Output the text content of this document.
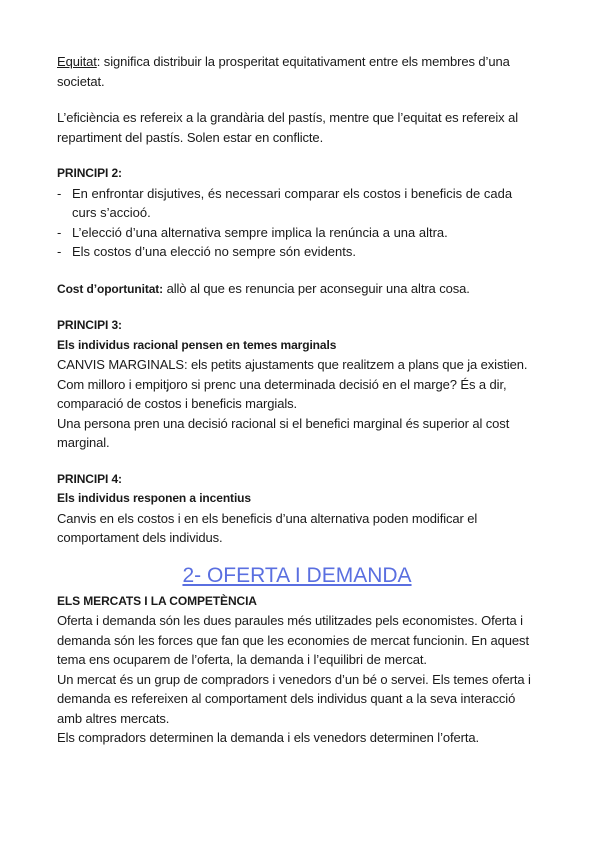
Equitat: significa distribuir la prosperitat equitativament entre els membres d’una societat.

L’eficiència es refereix a la grandària del pastís, mentre que l’equitat es refereix al repartiment del pastís. Solen estar en conflicte.

PRINCIPI 2:

- En enfrontar disjutives, és necessari comparar els costos i beneficis de cada curs s’accioó.
- L’elecció d’una alternativa sempre implica la renúncia a una altra.
- Els costos d’una elecció no sempre són evidents.

Cost d’oportunitat: allò al que es renuncia per aconseguir una altra cosa.

PRINCIPI 3:

Els individus racional pensen en temes marginals

CANVIS MARGINALS: els petits ajustaments que realitzem a plans que ja existien. Com milloro i empitjoro si prenc una determinada decisió en el marge? És a dir, comparació de costos i beneficis margials.

Una persona pren una decisió racional si el benefici marginal és superior al cost marginal.

PRINCIPI 4:

Els individus responen a incentius

Canvis en els costos i en els beneficis d’una alternativa poden modificar el comportament dels individus.

2- OFERTA I DEMANDA

ELS MERCATS I LA COMPETÈNCIA

Oferta i demanda són les dues paraules més utilitzades pels economistes. Oferta i demanda són les forces que fan que les economies de mercat funcionin. En aquest tema ens ocuparem de l’oferta, la demanda i l’equilibri de mercat.

Un mercat és un grup de compradors i venedors d’un bé o servei. Els temes oferta i demanda es refereixen al comportament dels individus quant a la seva interacció amb altres mercats.

Els compradors determinen la demanda i els venedors determinen l’oferta.
